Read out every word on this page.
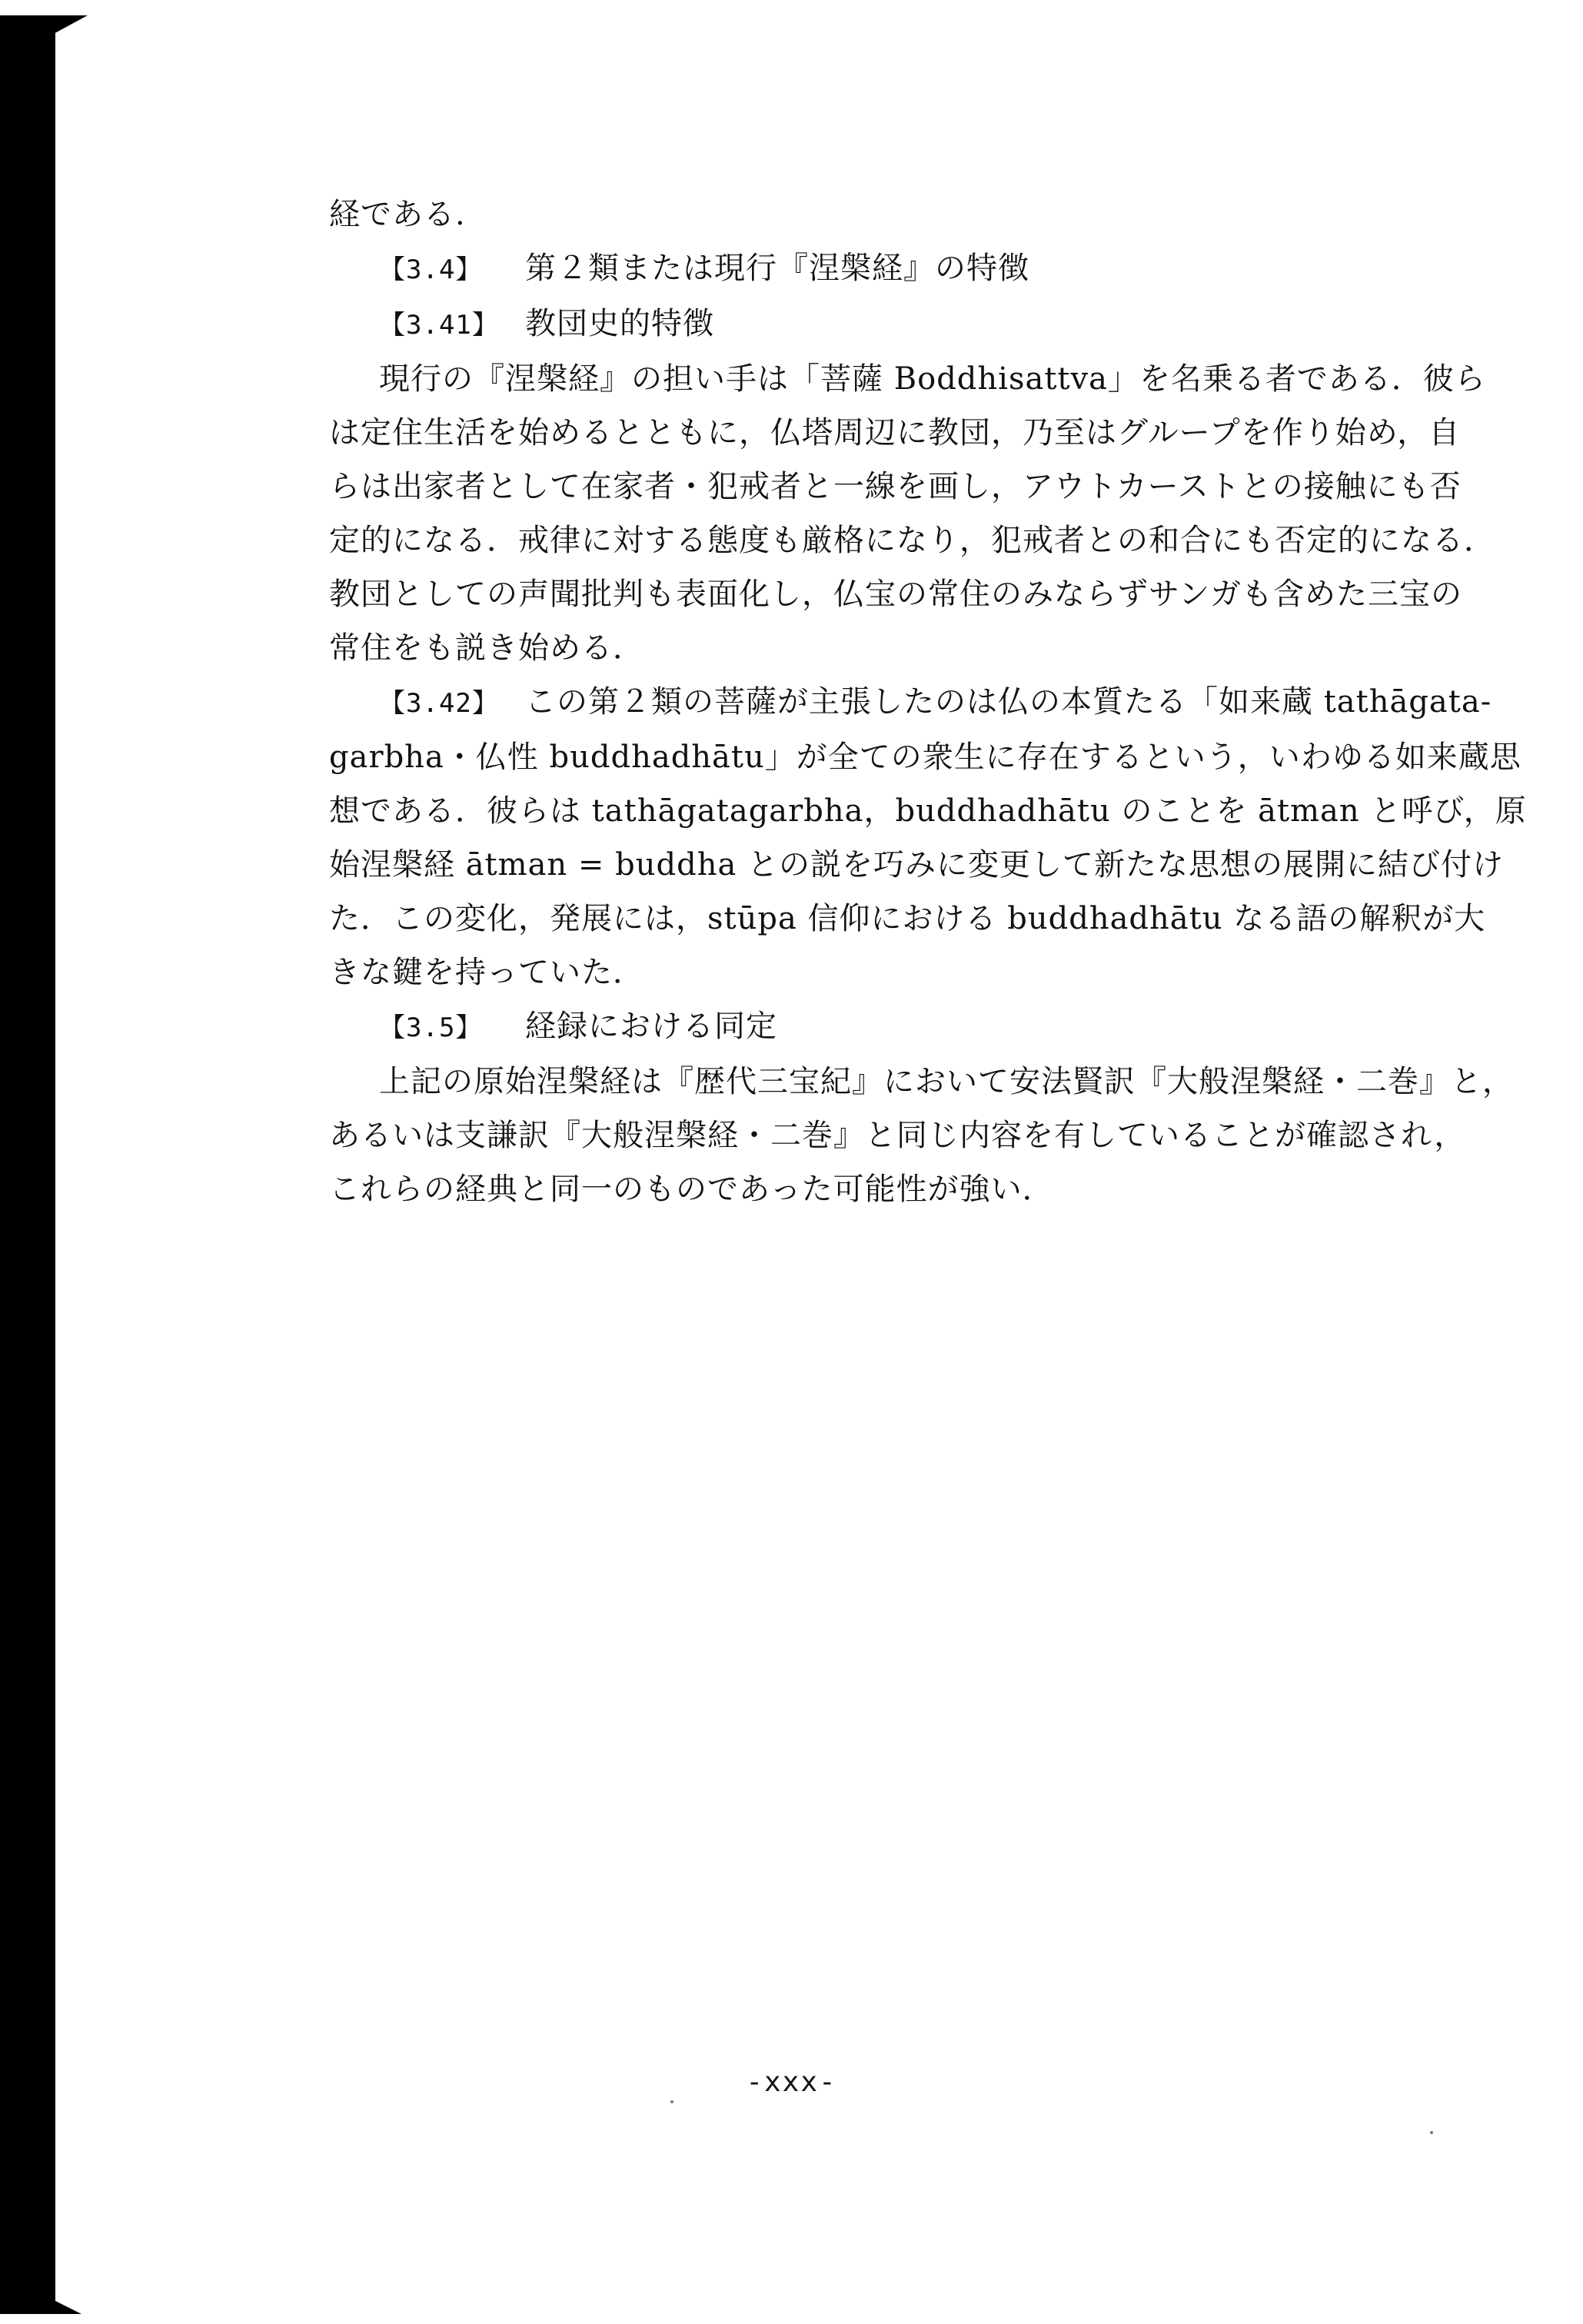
経である.

【3.4】 第２類または現行『涅槃経』の特徴

【3.41】 教団史的特徴

現行の『涅槃経』の担い手は「菩薩 Boddhisattva」を名乗る者である．彼ら

は定住生活を始めるとともに，仏塔周辺に教団，乃至はグループを作り始め，自

らは出家者として在家者・犯戒者と一線を画し，アウトカーストとの接触にも否

定的になる．戒律に対する態度も厳格になり，犯戒者との和合にも否定的になる．

教団としての声聞批判も表面化し，仏宝の常住のみならずサンガも含めた三宝の

常住をも説き始める．

【3.42】 この第２類の菩薩が主張したのは仏の本質たる「如来蔵 tathāgata-

garbha・仏性 buddhadhātu」が全ての衆生に存在するという，いわゆる如来蔵思

想である．彼らは tathāgatagarbha，buddhadhātu のことを ātman と呼び，原

始涅槃経 ātman = buddha との説を巧みに変更して新たな思想の展開に結び付け

た．この変化，発展には，stūpa 信仰における buddhadhātu なる語の解釈が大

きな鍵を持っていた．

【3.5】 経録における同定

上記の原始涅槃経は『歴代三宝紀』において安法賢訳『大般涅槃経・二巻』と，

あるいは支謙訳『大般涅槃経・二巻』と同じ内容を有していることが確認され，

これらの経典と同一のものであった可能性が強い．

-xxx-
